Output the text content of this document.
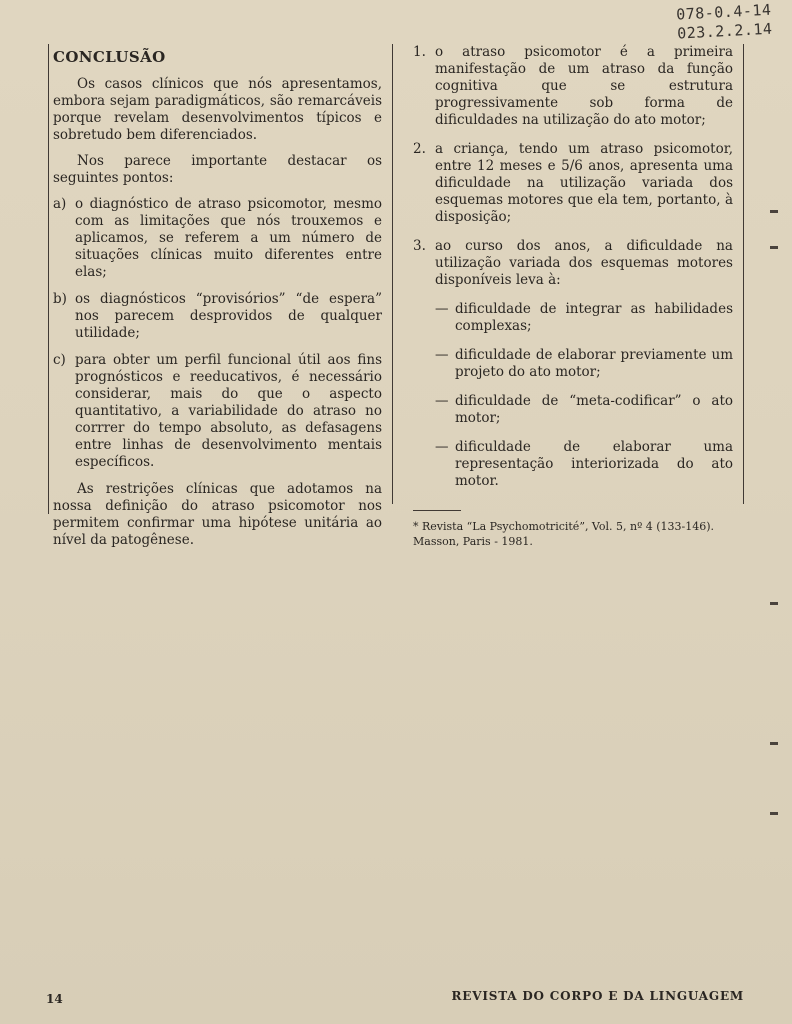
078-0.4-14
023.2.2.14
CONCLUSÃO

Os casos clínicos que nós apresentamos, embora sejam paradigmáticos, são remarcáveis porque revelam desenvolvimentos típicos e sobretudo bem diferenciados.

Nos parece importante destacar os seguintes pontos:

a) o diagnóstico de atraso psicomotor, mesmo com as limitações que nós trouxemos e aplicamos, se referem a um número de situações clínicas muito diferentes entre elas;
b) os diagnósticos “provisórios” “de espera” nos parecem desprovidos de qualquer utilidade;
c) para obter um perfil funcional útil aos fins prognósticos e reeducativos, é necessário considerar, mais do que o aspecto quantitativo, a variabilidade do atraso no corrrer do tempo absoluto, as defasagens entre linhas de desenvolvimento mentais específicos.

As restrições clínicas que adotamos na nossa definição do atraso psicomotor nos permitem confirmar uma hipótese unitária ao nível da patogênese.

1. o atraso psicomotor é a primeira manifestação de um atraso da função cognitiva que se estrutura progressivamente sob forma de dificuldades na utilização do ato motor;
2. a criança, tendo um atraso psicomotor, entre 12 meses e 5/6 anos, apresenta uma dificuldade na utilização variada dos esquemas motores que ela tem, portanto, à disposição;
3. ao curso dos anos, a dificuldade na utilização variada dos esquemas motores disponíveis leva à:
— dificuldade de integrar as habilidades complexas;
— dificuldade de elaborar previamente um projeto do ato motor;
— dificuldade de “meta-codificar” o ato motor;
— dificuldade de elaborar uma representação interiorizada do ato motor.
* Revista “La Psychomotricité”, Vol. 5, nº 4 (133-146). Masson, Paris - 1981.
14	REVISTA DO CORPO E DA LINGUAGEM
